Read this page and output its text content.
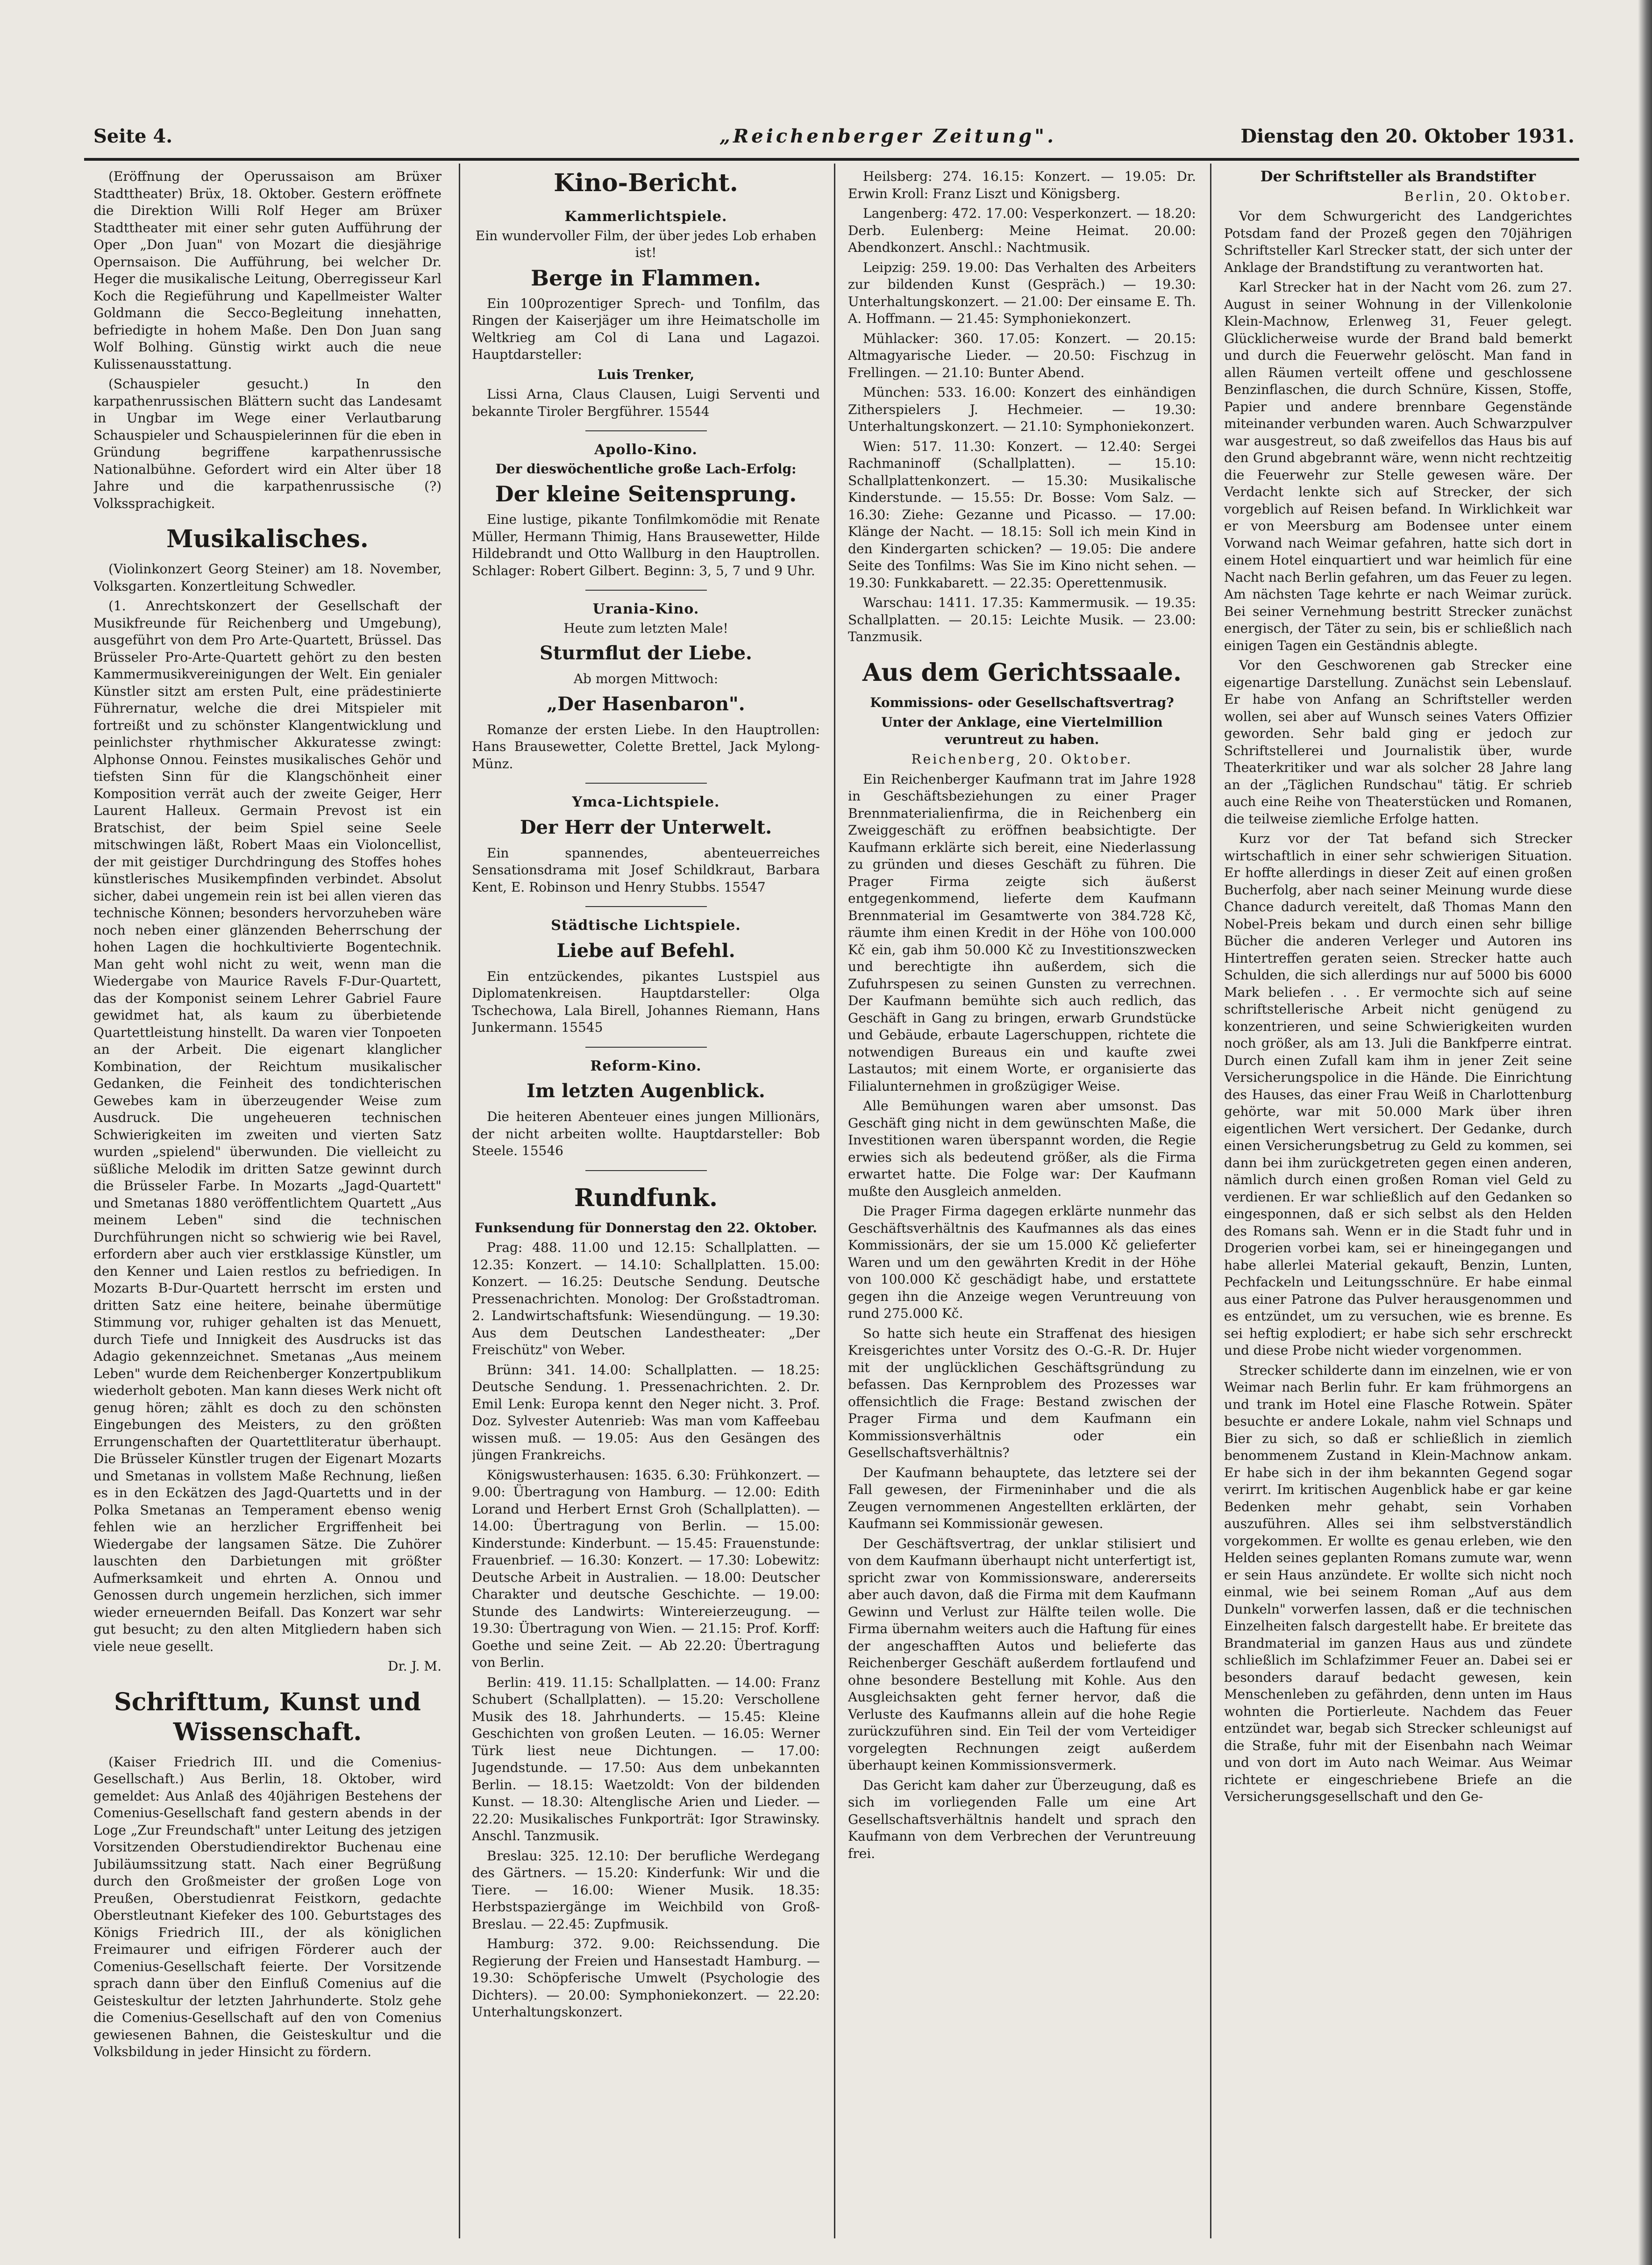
Seite 4.	„Reichenberger Zeitung".	Dienstag den 20. Oktober 1931.

(Eröffnung der Operussaison am Brüxer Stadttheater) Brüx, 18. Oktober. Gestern eröffnete die Direktion Willi Rolf Heger am Brüxer Stadttheater mit einer sehr guten Aufführung der Oper „Don Juan" von Mozart die diesjährige Opernsaison. Die Aufführung, bei welcher Dr. Heger die musikalische Leitung, Oberregisseur Karl Koch die Regieführung und Kapellmeister Walter Goldmann die Secco-Begleitung innehatten, befriedigte in hohem Maße. Den Don Juan sang Wolf Bolhing. Günstig wirkt auch die neue Kulissenausstattung.

(Schauspieler gesucht.) In den karpathenrussischen Blättern sucht das Landesamt in Ungbar im Wege einer Verlautbarung Schauspieler und Schauspielerinnen für die eben in Gründung begriffene karpathenrussische Nationalbühne. Gefordert wird ein Alter über 18 Jahre und die karpathenrussische (?) Volkssprachigkeit.

Musikalisches.

(Violinkonzert Georg Steiner) am 18. November, Volksgarten. Konzertleitung Schwedler.

(1. Anrechtskonzert der Gesellschaft der Musikfreunde für Reichenberg und Umgebung), ausgeführt von dem Pro Arte-Quartett, Brüssel. Das Brüsseler Pro-Arte-Quartett gehört zu den besten Kammermusikvereinigungen der Welt. Ein genialer Künstler sitzt am ersten Pult, eine prädestinierte Führernatur, welche die drei Mitspieler mit fortreißt und zu schönster Klangentwicklung und peinlichster rhythmischer Akkuratesse zwingt: Alphonse Onnou. Feinstes musikalisches Gehör und tiefsten Sinn für die Klangschönheit einer Komposition verrät auch der zweite Geiger, Herr Laurent Halleux. Germain Prevost ist ein Bratschist, der beim Spiel seine Seele mitschwingen läßt, Robert Maas ein Violoncellist, der mit geistiger Durchdringung des Stoffes hohes künstlerisches Musikempfinden verbindet. Absolut sicher, dabei ungemein rein ist bei allen vieren das technische Können; besonders hervorzuheben wäre noch neben einer glänzenden Beherrschung der hohen Lagen die hochkultivierte Bogentechnik. Man geht wohl nicht zu weit, wenn man die Wiedergabe von Maurice Ravels F-Dur-Quartett, das der Komponist seinem Lehrer Gabriel Faure gewidmet hat, als kaum zu überbietende Quartettleistung hinstellt. Da waren vier Tonpoeten an der Arbeit. Die eigenart klanglicher Kombination, der Reichtum musikalischer Gedanken, die Feinheit des tondichterischen Gewebes kam in überzeugender Weise zum Ausdruck. Die ungeheueren technischen Schwierigkeiten im zweiten und vierten Satz wurden „spielend" überwunden. Die vielleicht zu süßliche Melodik im dritten Satze gewinnt durch die Brüsseler Farbe. In Mozarts „Jagd-Quartett" und Smetanas 1880 veröffentlichtem Quartett „Aus meinem Leben" sind die technischen Durchführungen nicht so schwierig wie bei Ravel, erfordern aber auch vier erstklassige Künstler, um den Kenner und Laien restlos zu befriedigen. In Mozarts B-Dur-Quartett herrscht im ersten und dritten Satz eine heitere, beinahe übermütige Stimmung vor, ruhiger gehalten ist das Menuett, durch Tiefe und Innigkeit des Ausdrucks ist das Adagio gekennzeichnet. Smetanas „Aus meinem Leben" wurde dem Reichenberger Konzertpublikum wiederholt geboten. Man kann dieses Werk nicht oft genug hören; zählt es doch zu den schönsten Eingebungen des Meisters, zu den größten Errungenschaften der Quartettliteratur überhaupt. Die Brüsseler Künstler trugen der Eigenart Mozarts und Smetanas in vollstem Maße Rechnung, ließen es in den Eckätzen des Jagd-Quartetts und in der Polka Smetanas an Temperament ebenso wenig fehlen wie an herzlicher Ergriffenheit bei Wiedergabe der langsamen Sätze. Die Zuhörer lauschten den Darbietungen mit größter Aufmerksamkeit und ehrten A. Onnou und Genossen durch ungemein herzlichen, sich immer wieder erneuernden Beifall. Das Konzert war sehr gut besucht; zu den alten Mitgliedern haben sich viele neue gesellt.

Dr. J. M.

Schrifttum, Kunst und Wissenschaft.

(Kaiser Friedrich III. und die Comenius-Gesellschaft.) Aus Berlin, 18. Oktober, wird gemeldet: Aus Anlaß des 40jährigen Bestehens der Comenius-Gesellschaft fand gestern abends in der Loge „Zur Freundschaft" unter Leitung des jetzigen Vorsitzenden Oberstudiendirektor Buchenau eine Jubiläumssitzung statt. Nach einer Begrüßung durch den Großmeister der großen Loge von Preußen, Oberstudienrat Feistkorn, gedachte Oberstleutnant Kiefeker des 100. Geburtstages des Königs Friedrich III., der als königlichen Freimaurer und eifrigen Förderer auch der Comenius-Gesellschaft feierte. Der Vorsitzende sprach dann über den Einfluß Comenius auf die Geisteskultur der letzten Jahrhunderte. Stolz gehe die Comenius-Gesellschaft auf den von Comenius gewiesenen Bahnen, die Geisteskultur und die Volksbildung in jeder Hinsicht zu fördern.

Kino-Bericht.
Kammerlichtspiele.

Ein wundervoller Film, der über jedes Lob erhaben ist!

Berge in Flammen.

Ein 100prozentiger Sprech- und Tonfilm, das Ringen der Kaiserjäger um ihre Heimatscholle im Weltkrieg am Col di Lana und Lagazoi. Hauptdarsteller:

Luis Trenker,

Lissi Arna, Claus Clausen, Luigi Serventi und bekannte Tiroler Bergführer. 15544

Apollo-Kino.

Der dieswöchentliche große Lach-Erfolg:

Der kleine Seitensprung.

Eine lustige, pikante Tonfilmkomödie mit Renate Müller, Hermann Thimig, Hans Brausewetter, Hilde Hildebrandt und Otto Wallburg in den Hauptrollen. Schlager: Robert Gilbert. Beginn: 3, 5, 7 und 9 Uhr.

Urania-Kino.

Heute zum letzten Male!

Sturmflut der Liebe.

Ab morgen Mittwoch:

„Der Hasenbaron".

Romanze der ersten Liebe. In den Hauptrollen: Hans Brausewetter, Colette Brettel, Jack Mylong-Münz.

Ymca-Lichtspiele.
Der Herr der Unterwelt.

Ein spannendes, abenteuerreiches Sensationsdrama mit Josef Schildkraut, Barbara Kent, E. Robinson und Henry Stubbs. 15547

Städtische Lichtspiele.
Liebe auf Befehl.

Ein entzückendes, pikantes Lustspiel aus Diplomatenkreisen. Hauptdarsteller: Olga Tschechowa, Lala Birell, Johannes Riemann, Hans Junkermann. 15545

Reform-Kino.
Im letzten Augenblick.

Die heiteren Abenteuer eines jungen Millionärs, der nicht arbeiten wollte. Hauptdarsteller: Bob Steele. 15546

Rundfunk.

Funksendung für Donnerstag den 22. Oktober.

Prag: 488. 11.00 und 12.15: Schallplatten. — 12.35: Konzert. — 14.10: Schallplatten. 15.00: Konzert. — 16.25: Deutsche Sendung. Deutsche Pressenachrichten. Monolog: Der Großstadtroman. 2. Landwirtschaftsfunk: Wiesendüngung. — 19.30: Aus dem Deutschen Landestheater: „Der Freischütz" von Weber.

Brünn: 341. 14.00: Schallplatten. — 18.25: Deutsche Sendung. 1. Pressenachrichten. 2. Dr. Emil Lenk: Europa kennt den Neger nicht. 3. Prof. Doz. Sylvester Autenrieb: Was man vom Kaffeebau wissen muß. — 19.05: Aus den Gesängen des jüngen Frankreichs.

Königswusterhausen: 1635. 6.30: Frühkonzert. — 9.00: Übertragung von Hamburg. — 12.00: Edith Lorand und Herbert Ernst Groh (Schallplatten). — 14.00: Übertragung von Berlin. — 15.00: Kinderstunde: Kinderbunt. — 15.45: Frauenstunde: Frauenbrief. — 16.30: Konzert. — 17.30: Lobewitz: Deutsche Arbeit in Australien. — 18.00: Deutscher Charakter und deutsche Geschichte. — 19.00: Stunde des Landwirts: Wintereierzeugung. — 19.30: Übertragung von Wien. — 21.15: Prof. Korff: Goethe und seine Zeit. — Ab 22.20: Übertragung von Berlin.

Berlin: 419. 11.15: Schallplatten. — 14.00: Franz Schubert (Schallplatten). — 15.20: Verschollene Musik des 18. Jahrhunderts. — 15.45: Kleine Geschichten von großen Leuten. — 16.05: Werner Türk liest neue Dichtungen. — 17.00: Jugendstunde. — 17.50: Aus dem unbekannten Berlin. — 18.15: Waetzoldt: Von der bildenden Kunst. — 18.30: Altenglische Arien und Lieder. — 22.20: Musikalisches Funkporträt: Igor Strawinsky. Anschl. Tanzmusik.

Breslau: 325. 12.10: Der berufliche Werdegang des Gärtners. — 15.20: Kinderfunk: Wir und die Tiere. — 16.00: Wiener Musik. 18.35: Herbstspaziergänge im Weichbild von Groß-Breslau. — 22.45: Zupfmusik.

Hamburg: 372. 9.00: Reichssendung. Die Regierung der Freien und Hansestadt Hamburg. — 19.30: Schöpferische Umwelt (Psychologie des Dichters). — 20.00: Symphoniekonzert. — 22.20: Unterhaltungskonzert.

Heilsberg: 274. 16.15: Konzert. — 19.05: Dr. Erwin Kroll: Franz Liszt und Königsberg.

Langenberg: 472. 17.00: Vesperkonzert. — 18.20: Derb. Eulenberg: Meine Heimat. 20.00: Abendkonzert. Anschl.: Nachtmusik.

Leipzig: 259. 19.00: Das Verhalten des Arbeiters zur bildenden Kunst (Gespräch.) — 19.30: Unterhaltungskonzert. — 21.00: Der einsame E. Th. A. Hoffmann. — 21.45: Symphoniekonzert.

Mühlacker: 360. 17.05: Konzert. — 20.15: Altmagyarische Lieder. — 20.50: Fischzug in Frellingen. — 21.10: Bunter Abend.

München: 533. 16.00: Konzert des einhändigen Zitherspielers J. Hechmeier. — 19.30: Unterhaltungskonzert. — 21.10: Symphoniekonzert.

Wien: 517. 11.30: Konzert. — 12.40: Sergei Rachmaninoff (Schallplatten). — 15.10: Schallplattenkonzert. — 15.30: Musikalische Kinderstunde. — 15.55: Dr. Bosse: Vom Salz. — 16.30: Ziehe: Gezanne und Picasso. — 17.00: Klänge der Nacht. — 18.15: Soll ich mein Kind in den Kindergarten schicken? — 19.05: Die andere Seite des Tonfilms: Was Sie im Kino nicht sehen. — 19.30: Funkkabarett. — 22.35: Operettenmusik.

Warschau: 1411. 17.35: Kammermusik. — 19.35: Schallplatten. — 20.15: Leichte Musik. — 23.00: Tanzmusik.

Aus dem Gerichtssaale.

Kommissions- oder Gesellschaftsvertrag?

Unter der Anklage, eine Viertelmillion veruntreut zu haben.

Reichenberg, 20. Oktober.

Ein Reichenberger Kaufmann trat im Jahre 1928 in Geschäftsbeziehungen zu einer Prager Brennmaterialienfirma, die in Reichenberg ein Zweiggeschäft zu eröffnen beabsichtigte. Der Kaufmann erklärte sich bereit, eine Niederlassung zu gründen und dieses Geschäft zu führen. Die Prager Firma zeigte sich äußerst entgegenkommend, lieferte dem Kaufmann Brennmaterial im Gesamtwerte von 384.728 Kč, räumte ihm einen Kredit in der Höhe von 100.000 Kč ein, gab ihm 50.000 Kč zu Investitionszwecken und berechtigte ihn außerdem, sich die Zufuhrspesen zu seinen Gunsten zu verrechnen. Der Kaufmann bemühte sich auch redlich, das Geschäft in Gang zu bringen, erwarb Grundstücke und Gebäude, erbaute Lagerschuppen, richtete die notwendigen Bureaus ein und kaufte zwei Lastautos; mit einem Worte, er organisierte das Filialunternehmen in großzügiger Weise.

Alle Bemühungen waren aber umsonst. Das Geschäft ging nicht in dem gewünschten Maße, die Investitionen waren überspannt worden, die Regie erwies sich als bedeutend größer, als die Firma erwartet hatte. Die Folge war: Der Kaufmann mußte den Ausgleich anmelden.

Die Prager Firma dagegen erklärte nunmehr das Geschäftsverhältnis des Kaufmannes als das eines Kommissionärs, der sie um 15.000 Kč gelieferter Waren und um den gewährten Kredit in der Höhe von 100.000 Kč geschädigt habe, und erstattete gegen ihn die Anzeige wegen Veruntreuung von rund 275.000 Kč.

So hatte sich heute ein Straffenat des hiesigen Kreisgerichtes unter Vorsitz des O.-G.-R. Dr. Hujer mit der unglücklichen Geschäftsgründung zu befassen. Das Kernproblem des Prozesses war offensichtlich die Frage: Bestand zwischen der Prager Firma und dem Kaufmann ein Kommissionsverhältnis oder ein Gesellschaftsverhältnis?

Der Kaufmann behauptete, das letztere sei der Fall gewesen, der Firmeninhaber und die als Zeugen vernommenen Angestellten erklärten, der Kaufmann sei Kommissionär gewesen.

Der Geschäftsvertrag, der unklar stilisiert und von dem Kaufmann überhaupt nicht unterfertigt ist, spricht zwar von Kommissionsware, andererseits aber auch davon, daß die Firma mit dem Kaufmann Gewinn und Verlust zur Hälfte teilen wolle. Die Firma übernahm weiters auch die Haftung für eines der angeschafften Autos und belieferte das Reichenberger Geschäft außerdem fortlaufend und ohne besondere Bestellung mit Kohle. Aus den Ausgleichsakten geht ferner hervor, daß die Verluste des Kaufmanns allein auf die hohe Regie zurückzuführen sind. Ein Teil der vom Verteidiger vorgelegten Rechnungen zeigt außerdem überhaupt keinen Kommissionsvermerk.

Das Gericht kam daher zur Überzeugung, daß es sich im vorliegenden Falle um eine Art Gesellschaftsverhältnis handelt und sprach den Kaufmann von dem Verbrechen der Veruntreuung frei.

Der Schriftsteller als Brandstifter

Berlin, 20. Oktober.

Vor dem Schwurgericht des Landgerichtes Potsdam fand der Prozeß gegen den 70jährigen Schriftsteller Karl Strecker statt, der sich unter der Anklage der Brandstiftung zu verantworten hat.

Karl Strecker hat in der Nacht vom 26. zum 27. August in seiner Wohnung in der Villenkolonie Klein-Machnow, Erlenweg 31, Feuer gelegt. Glücklicherweise wurde der Brand bald bemerkt und durch die Feuerwehr gelöscht. Man fand in allen Räumen verteilt offene und geschlossene Benzinflaschen, die durch Schnüre, Kissen, Stoffe, Papier und andere brennbare Gegenstände miteinander verbunden waren. Auch Schwarzpulver war ausgestreut, so daß zweifellos das Haus bis auf den Grund abgebrannt wäre, wenn nicht rechtzeitig die Feuerwehr zur Stelle gewesen wäre. Der Verdacht lenkte sich auf Strecker, der sich vorgeblich auf Reisen befand. In Wirklichkeit war er von Meersburg am Bodensee unter einem Vorwand nach Weimar gefahren, hatte sich dort in einem Hotel einquartiert und war heimlich für eine Nacht nach Berlin gefahren, um das Feuer zu legen. Am nächsten Tage kehrte er nach Weimar zurück. Bei seiner Vernehmung bestritt Strecker zunächst energisch, der Täter zu sein, bis er schließlich nach einigen Tagen ein Geständnis ablegte.

Vor den Geschworenen gab Strecker eine eigenartige Darstellung. Zunächst sein Lebenslauf. Er habe von Anfang an Schriftsteller werden wollen, sei aber auf Wunsch seines Vaters Offizier geworden. Sehr bald ging er jedoch zur Schriftstellerei und Journalistik über, wurde Theaterkritiker und war als solcher 28 Jahre lang an der „Täglichen Rundschau" tätig. Er schrieb auch eine Reihe von Theaterstücken und Romanen, die teilweise ziemliche Erfolge hatten.

Kurz vor der Tat befand sich Strecker wirtschaftlich in einer sehr schwierigen Situation. Er hoffte allerdings in dieser Zeit auf einen großen Bucherfolg, aber nach seiner Meinung wurde diese Chance dadurch vereitelt, daß Thomas Mann den Nobel-Preis bekam und durch einen sehr billige Bücher die anderen Verleger und Autoren ins Hintertreffen geraten seien. Strecker hatte auch Schulden, die sich allerdings nur auf 5000 bis 6000 Mark beliefen . . . Er vermochte sich auf seine schriftstellerische Arbeit nicht genügend zu konzentrieren, und seine Schwierigkeiten wurden noch größer, als am 13. Juli die Bankfperre eintrat. Durch einen Zufall kam ihm in jener Zeit seine Versicherungspolice in die Hände. Die Einrichtung des Hauses, das einer Frau Weiß in Charlottenburg gehörte, war mit 50.000 Mark über ihren eigentlichen Wert versichert. Der Gedanke, durch einen Versicherungsbetrug zu Geld zu kommen, sei dann bei ihm zurückgetreten gegen einen anderen, nämlich durch einen großen Roman viel Geld zu verdienen. Er war schließlich auf den Gedanken so eingesponnen, daß er sich selbst als den Helden des Romans sah. Wenn er in die Stadt fuhr und in Drogerien vorbei kam, sei er hineingegangen und habe allerlei Material gekauft, Benzin, Lunten, Pechfackeln und Leitungsschnüre. Er habe einmal aus einer Patrone das Pulver herausgenommen und es entzündet, um zu versuchen, wie es brenne. Es sei heftig explodiert; er habe sich sehr erschreckt und diese Probe nicht wieder vorgenommen.

Strecker schilderte dann im einzelnen, wie er von Weimar nach Berlin fuhr. Er kam frühmorgens an und trank im Hotel eine Flasche Rotwein. Später besuchte er andere Lokale, nahm viel Schnaps und Bier zu sich, so daß er schließlich in ziemlich benommenem Zustand in Klein-Machnow ankam. Er habe sich in der ihm bekannten Gegend sogar verirrt. Im kritischen Augenblick habe er gar keine Bedenken mehr gehabt, sein Vorhaben auszuführen. Alles sei ihm selbstverständlich vorgekommen. Er wollte es genau erleben, wie den Helden seines geplanten Romans zumute war, wenn er sein Haus anzündete. Er wollte sich nicht noch einmal, wie bei seinem Roman „Auf aus dem Dunkeln" vorwerfen lassen, daß er die technischen Einzelheiten falsch dargestellt habe. Er breitete das Brandmaterial im ganzen Haus aus und zündete schließlich im Schlafzimmer Feuer an. Dabei sei er besonders darauf bedacht gewesen, kein Menschenleben zu gefährden, denn unten im Haus wohnten die Portierleute. Nachdem das Feuer entzündet war, begab sich Strecker schleunigst auf die Straße, fuhr mit der Eisenbahn nach Weimar und von dort im Auto nach Weimar. Aus Weimar richtete er eingeschriebene Briefe an die Versicherungsgesellschaft und den Ge-
